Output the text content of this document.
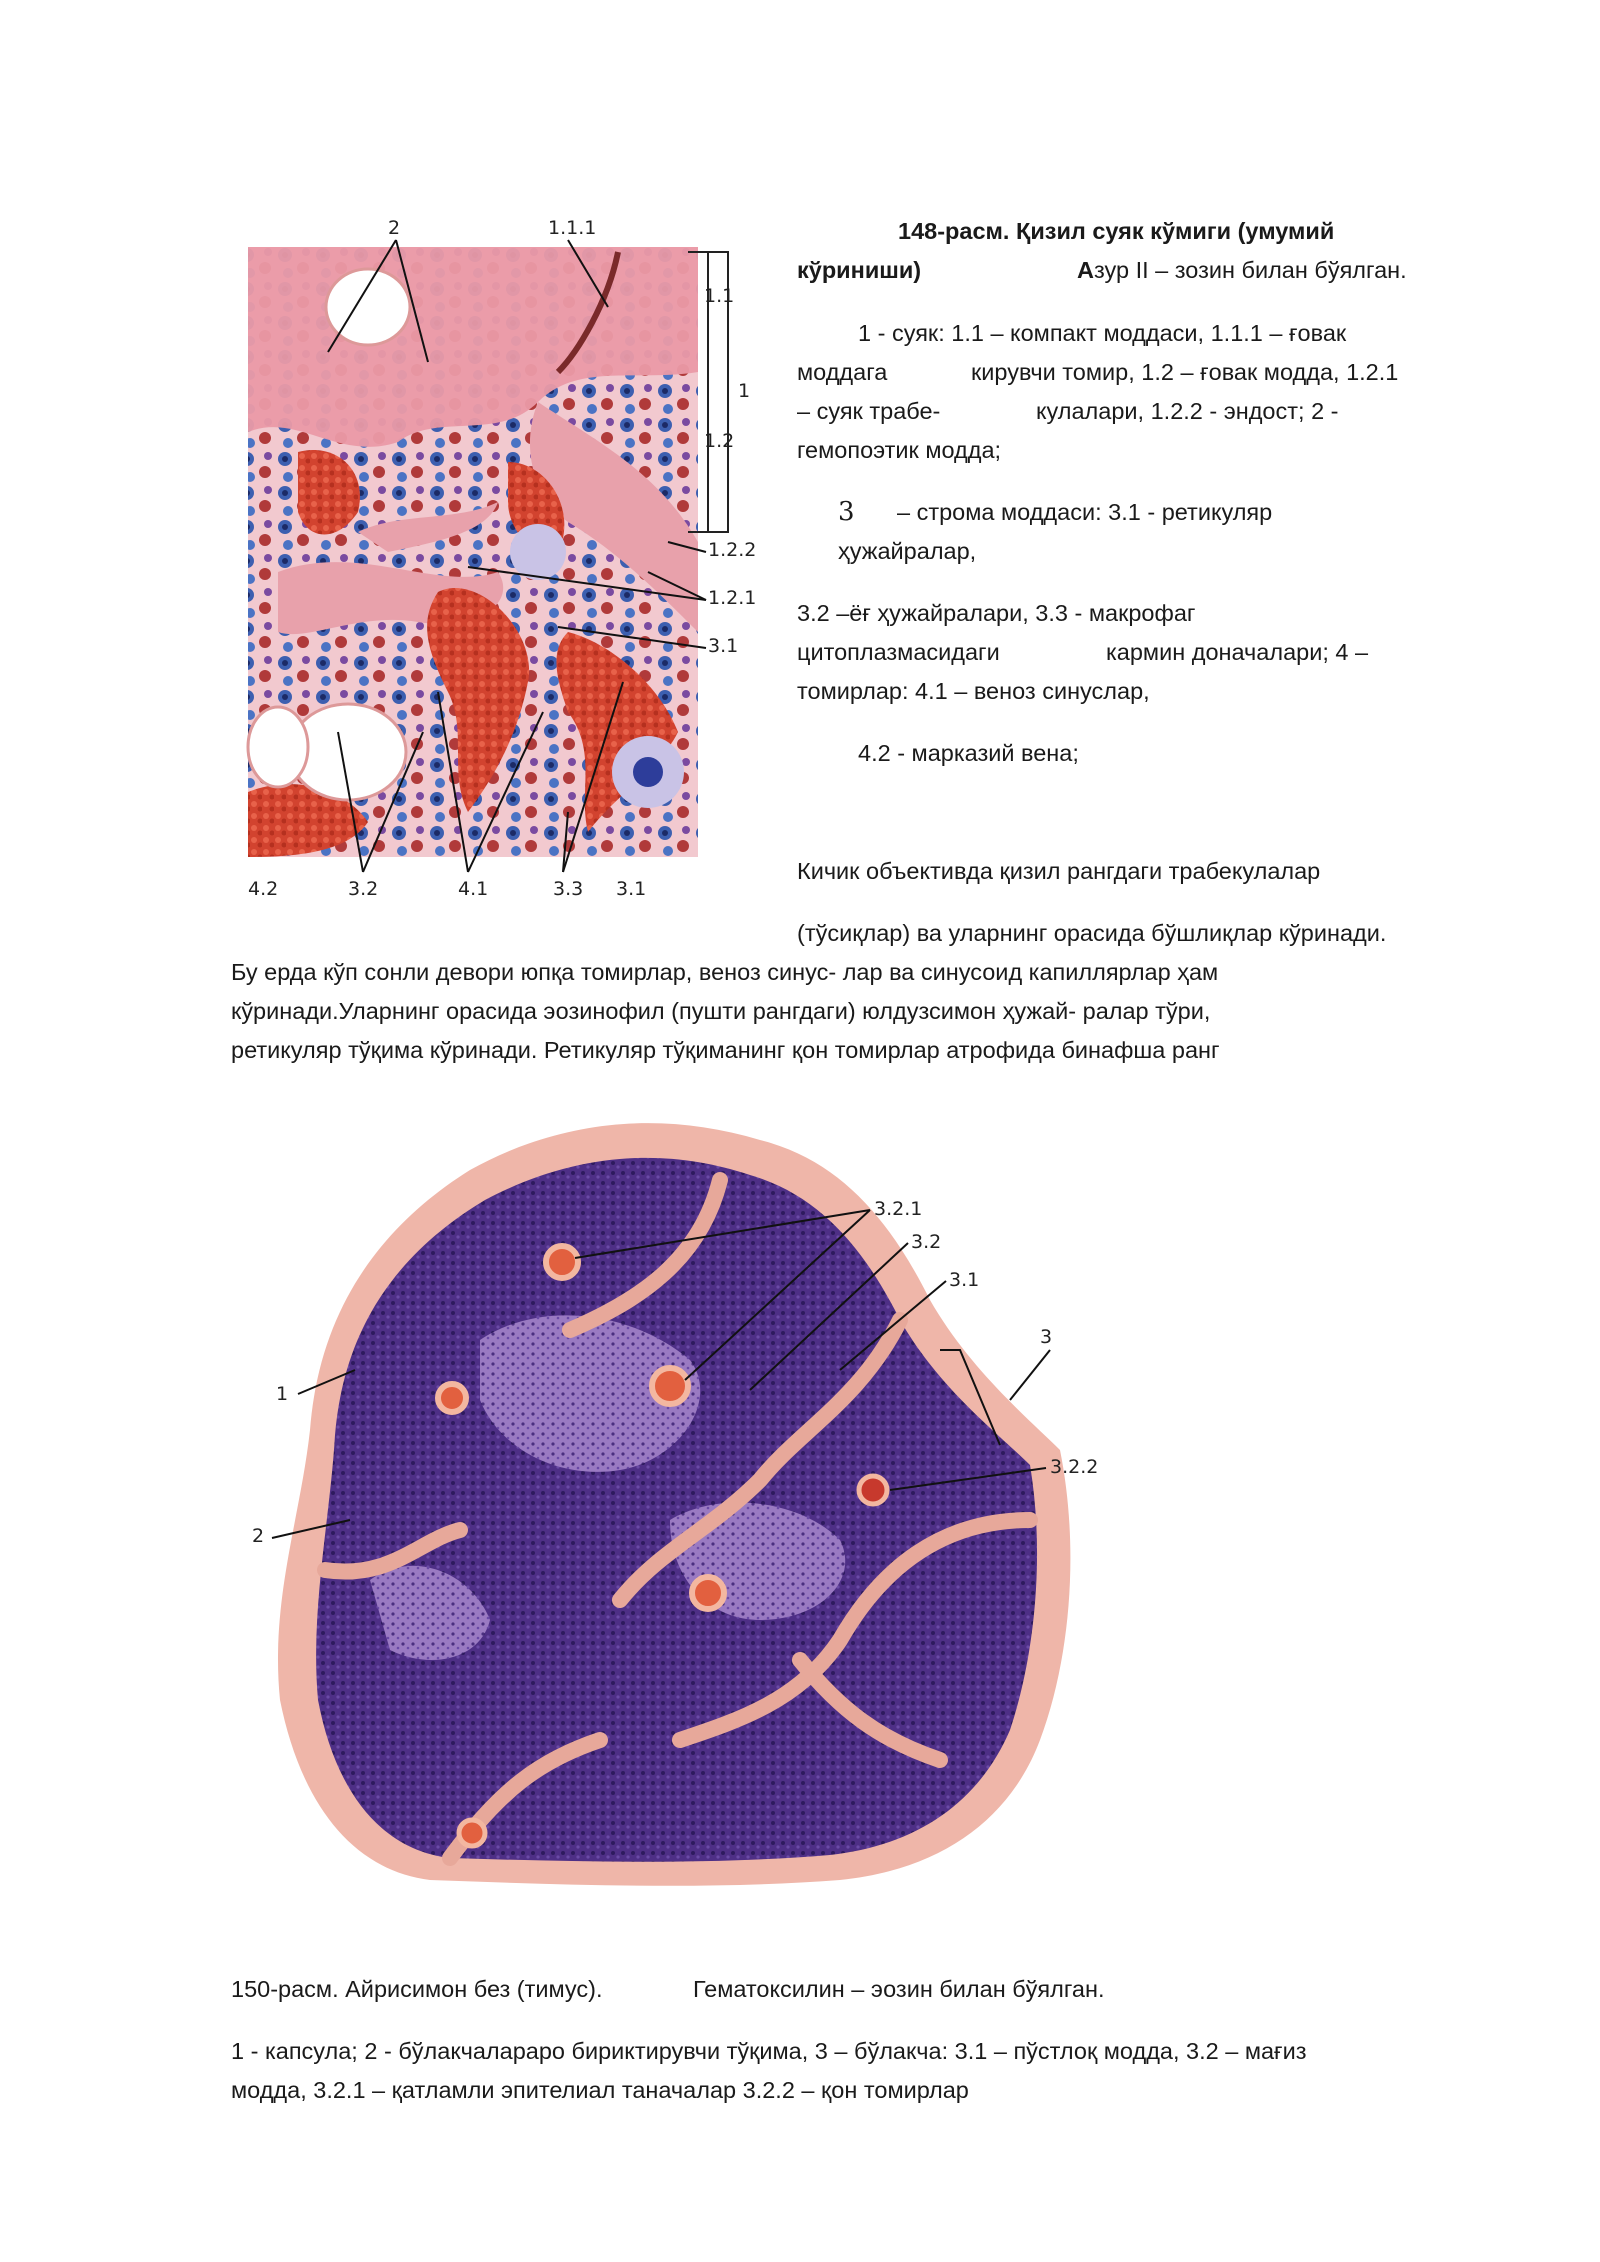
2	1.1.1
1.1
1
1.2
1.2.2
1.2.1
3.1
4.2	3.2	4.1	3.3 3.1
148-расм. Қизил суяк кўмиги (умумий
кўриниши)	Азур II – зозин билан бўялган.
1 - суяк: 1.1 – компакт моддаси, 1.1.1 – ғовак
моддага	кирувчи томир, 1.2 – ғовак модда, 1.2.1
– суяк трабе-	кулалари, 1.2.2 - эндост; 2 -
гемопоэтик модда;
3 – строма моддаси: 3.1 - ретикуляр
ҳужайралар,
3.2 –ёғ ҳужайралари, 3.3 - макрофаг
цитоплазмасидаги	кармин доначалари; 4 –
томирлар: 4.1 – веноз синуслар,
4.2 - марказий вена;
Кичик объективда қизил рангдаги трабекулалар
(тўсиқлар) ва уларнинг орасида бўшлиқлар кўринади.
Бу ерда кўп сонли девори юпқа томирлар, веноз синус- лар ва синусоид капиллярлар ҳам
кўринади.Уларнинг орасида эозинофил (пушти рангдаги) юлдузсимон ҳужай- ралар тўри,
ретикуляр тўқима кўринади. Ретикуляр тўқиманинг қон томирлар атрофида бинафша ранг
3.2.1
3.2
3.1
3
1
2
3.2.2
150-расм. Айрисимон без (тимус).	Гематоксилин – эозин билан бўялган.
1 - капсула; 2 - бўлакчалараро бириктирувчи тўқима, 3 – бўлакча: 3.1 – пўстлоқ модда, 3.2 – мағиз
модда, 3.2.1 – қатламли эпителиал таначалар 3.2.2 – қон томирлар
